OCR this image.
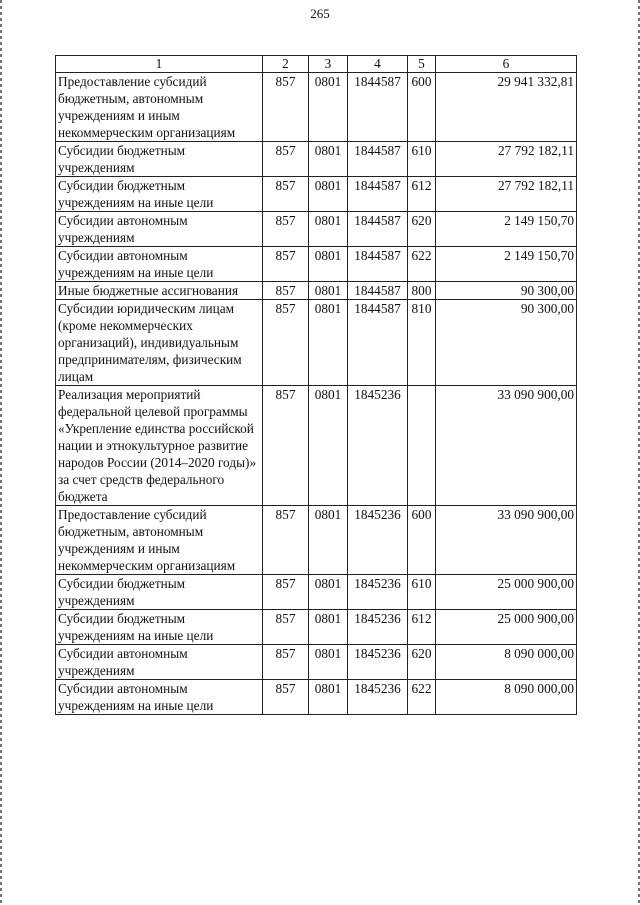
265
1	2	3	4	5	6
Предоставление субсидий бюджетным, автономным учреждениям и иным некоммерческим организациям	857	0801	1844587	600	29 941 332,81
Субсидии бюджетным учреждениям	857	0801	1844587	610	27 792 182,11
Субсидии бюджетным учреждениям на иные цели	857	0801	1844587	612	27 792 182,11
Субсидии автономным учреждениям	857	0801	1844587	620	2 149 150,70
Субсидии автономным учреждениям на иные цели	857	0801	1844587	622	2 149 150,70
Иные бюджетные ассигнования	857	0801	1844587	800	90 300,00
Субсидии юридическим лицам (кроме некоммерческих организаций), индивидуальным предпринимателям, физическим лицам	857	0801	1844587	810	90 300,00
Реализация мероприятий федеральной целевой программы «Укрепление единства российской нации и этнокультурное развитие народов России (2014–2020 годы)» за счет средств федерального бюджета	857	0801	1845236		33 090 900,00
Предоставление субсидий бюджетным, автономным учреждениям и иным некоммерческим организациям	857	0801	1845236	600	33 090 900,00
Субсидии бюджетным учреждениям	857	0801	1845236	610	25 000 900,00
Субсидии бюджетным учреждениям на иные цели	857	0801	1845236	612	25 000 900,00
Субсидии автономным учреждениям	857	0801	1845236	620	8 090 000,00
Субсидии автономным учреждениям на иные цели	857	0801	1845236	622	8 090 000,00
